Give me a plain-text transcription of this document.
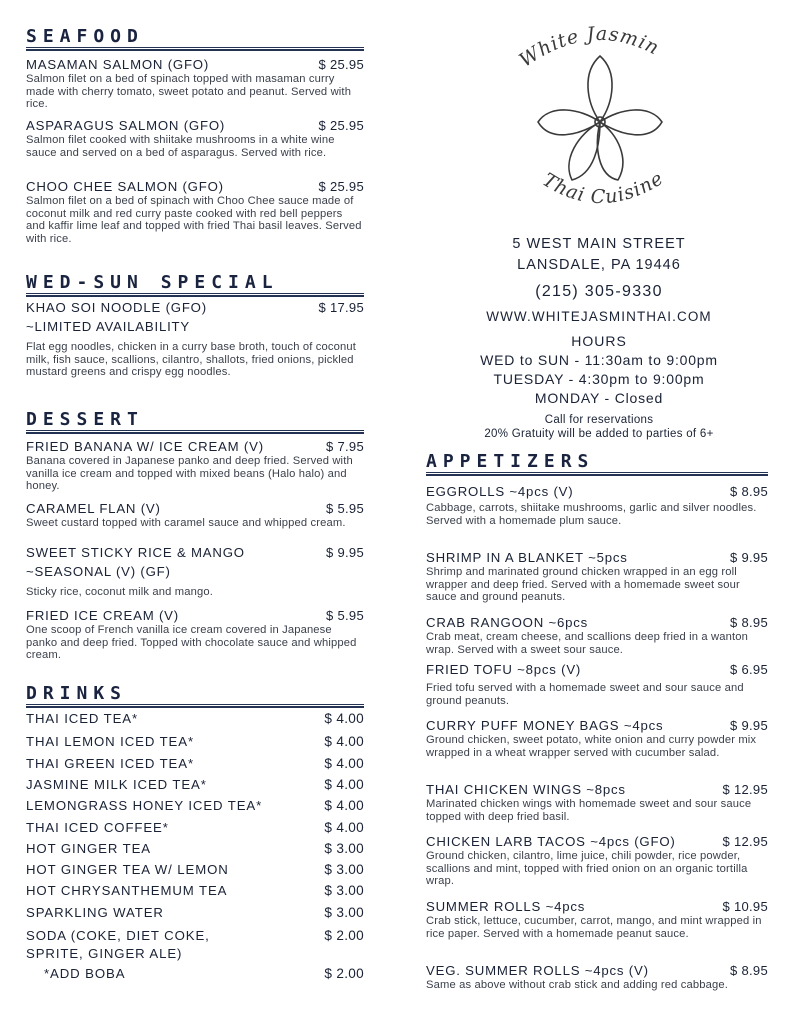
SEAFOOD
MASAMAN SALMON (GFO)	$ 25.95
Salmon filet on a bed of spinach topped with masaman curry made with cherry tomato, sweet potato and peanut. Served with rice.
ASPARAGUS SALMON (GFO)	$ 25.95
Salmon filet cooked with shiitake mushrooms in a white wine sauce and served on a bed of asparagus. Served with rice.
CHOO CHEE SALMON (GFO)	$ 25.95
Salmon filet on a bed of spinach with Choo Chee sauce made of coconut milk and red curry paste cooked with red bell peppers and kaffir lime leaf and topped with fried Thai basil leaves. Served with rice.
WED-SUN SPECIAL
KHAO SOI NOODLE (GFO)	$ 17.95
~LIMITED AVAILABILITY
Flat egg noodles, chicken in a curry base broth, touch of coconut milk, fish sauce, scallions, cilantro, shallots, fried onions, pickled mustard greens and crispy egg noodles.
DESSERT
FRIED BANANA W/ ICE CREAM (V)	$ 7.95
Banana covered in Japanese panko and deep fried. Served with vanilla ice cream and topped with mixed beans (Halo halo) and honey.
CARAMEL FLAN (V)	$ 5.95
Sweet custard topped with caramel sauce and whipped cream.
SWEET STICKY RICE & MANGO	$ 9.95
~SEASONAL (V) (GF)
Sticky rice, coconut milk and mango.
FRIED ICE CREAM (V)	$ 5.95
One scoop of French vanilla ice cream covered in Japanese panko and deep fried. Topped with chocolate sauce and whipped cream.
DRINKS
THAI ICED TEA*	$ 4.00
THAI LEMON ICED TEA*	$ 4.00
THAI GREEN ICED TEA*	$ 4.00
JASMINE MILK ICED TEA*	$ 4.00
LEMONGRASS HONEY ICED TEA*	$ 4.00
THAI ICED COFFEE*	$ 4.00
HOT GINGER TEA	$ 3.00
HOT GINGER TEA W/ LEMON	$ 3.00
HOT CHRYSANTHEMUM TEA	$ 3.00
SPARKLING WATER	$ 3.00
SODA (COKE, DIET COKE,	$ 2.00
SPRITE, GINGER ALE)
*ADD BOBA	$ 2.00
White Jasmin
Thai Cuisine
5 WEST MAIN STREET
LANSDALE, PA 19446
(215) 305-9330
WWW.WHITEJASMINTHAI.COM
HOURS
WED to SUN - 11:30am to 9:00pm
TUESDAY - 4:30pm to 9:00pm
MONDAY - Closed
Call for reservations
20% Gratuity will be added to parties of 6+
APPETIZERS
EGGROLLS ~4pcs (V)	$ 8.95
Cabbage, carrots, shiitake mushrooms, garlic and silver noodles. Served with a homemade plum sauce.
SHRIMP IN A BLANKET ~5pcs	$ 9.95
Shrimp and marinated ground chicken wrapped in an egg roll wrapper and deep fried. Served with a homemade sweet sour sauce and ground peanuts.
CRAB RANGOON ~6pcs	$ 8.95
Crab meat, cream cheese, and scallions deep fried in a wanton wrap. Served with a sweet sour sauce.
FRIED TOFU ~8pcs (V)	$ 6.95
Fried tofu served with a homemade sweet and sour sauce and ground peanuts.
CURRY PUFF MONEY BAGS ~4pcs	$ 9.95
Ground chicken, sweet potato, white onion and curry powder mix wrapped in a wheat wrapper served with cucumber salad.
THAI CHICKEN WINGS ~8pcs	$ 12.95
Marinated chicken wings with homemade sweet and sour sauce topped with deep fried basil.
CHICKEN LARB TACOS ~4pcs (GFO)	$ 12.95
Ground chicken, cilantro, lime juice, chili powder, rice powder, scallions and mint, topped with fried onion on an organic tortilla wrap.
SUMMER ROLLS ~4pcs	$ 10.95
Crab stick, lettuce, cucumber, carrot, mango, and mint wrapped in rice paper. Served with a homemade peanut sauce.
VEG. SUMMER ROLLS ~4pcs (V)	$ 8.95
Same as above without crab stick and adding red cabbage.
